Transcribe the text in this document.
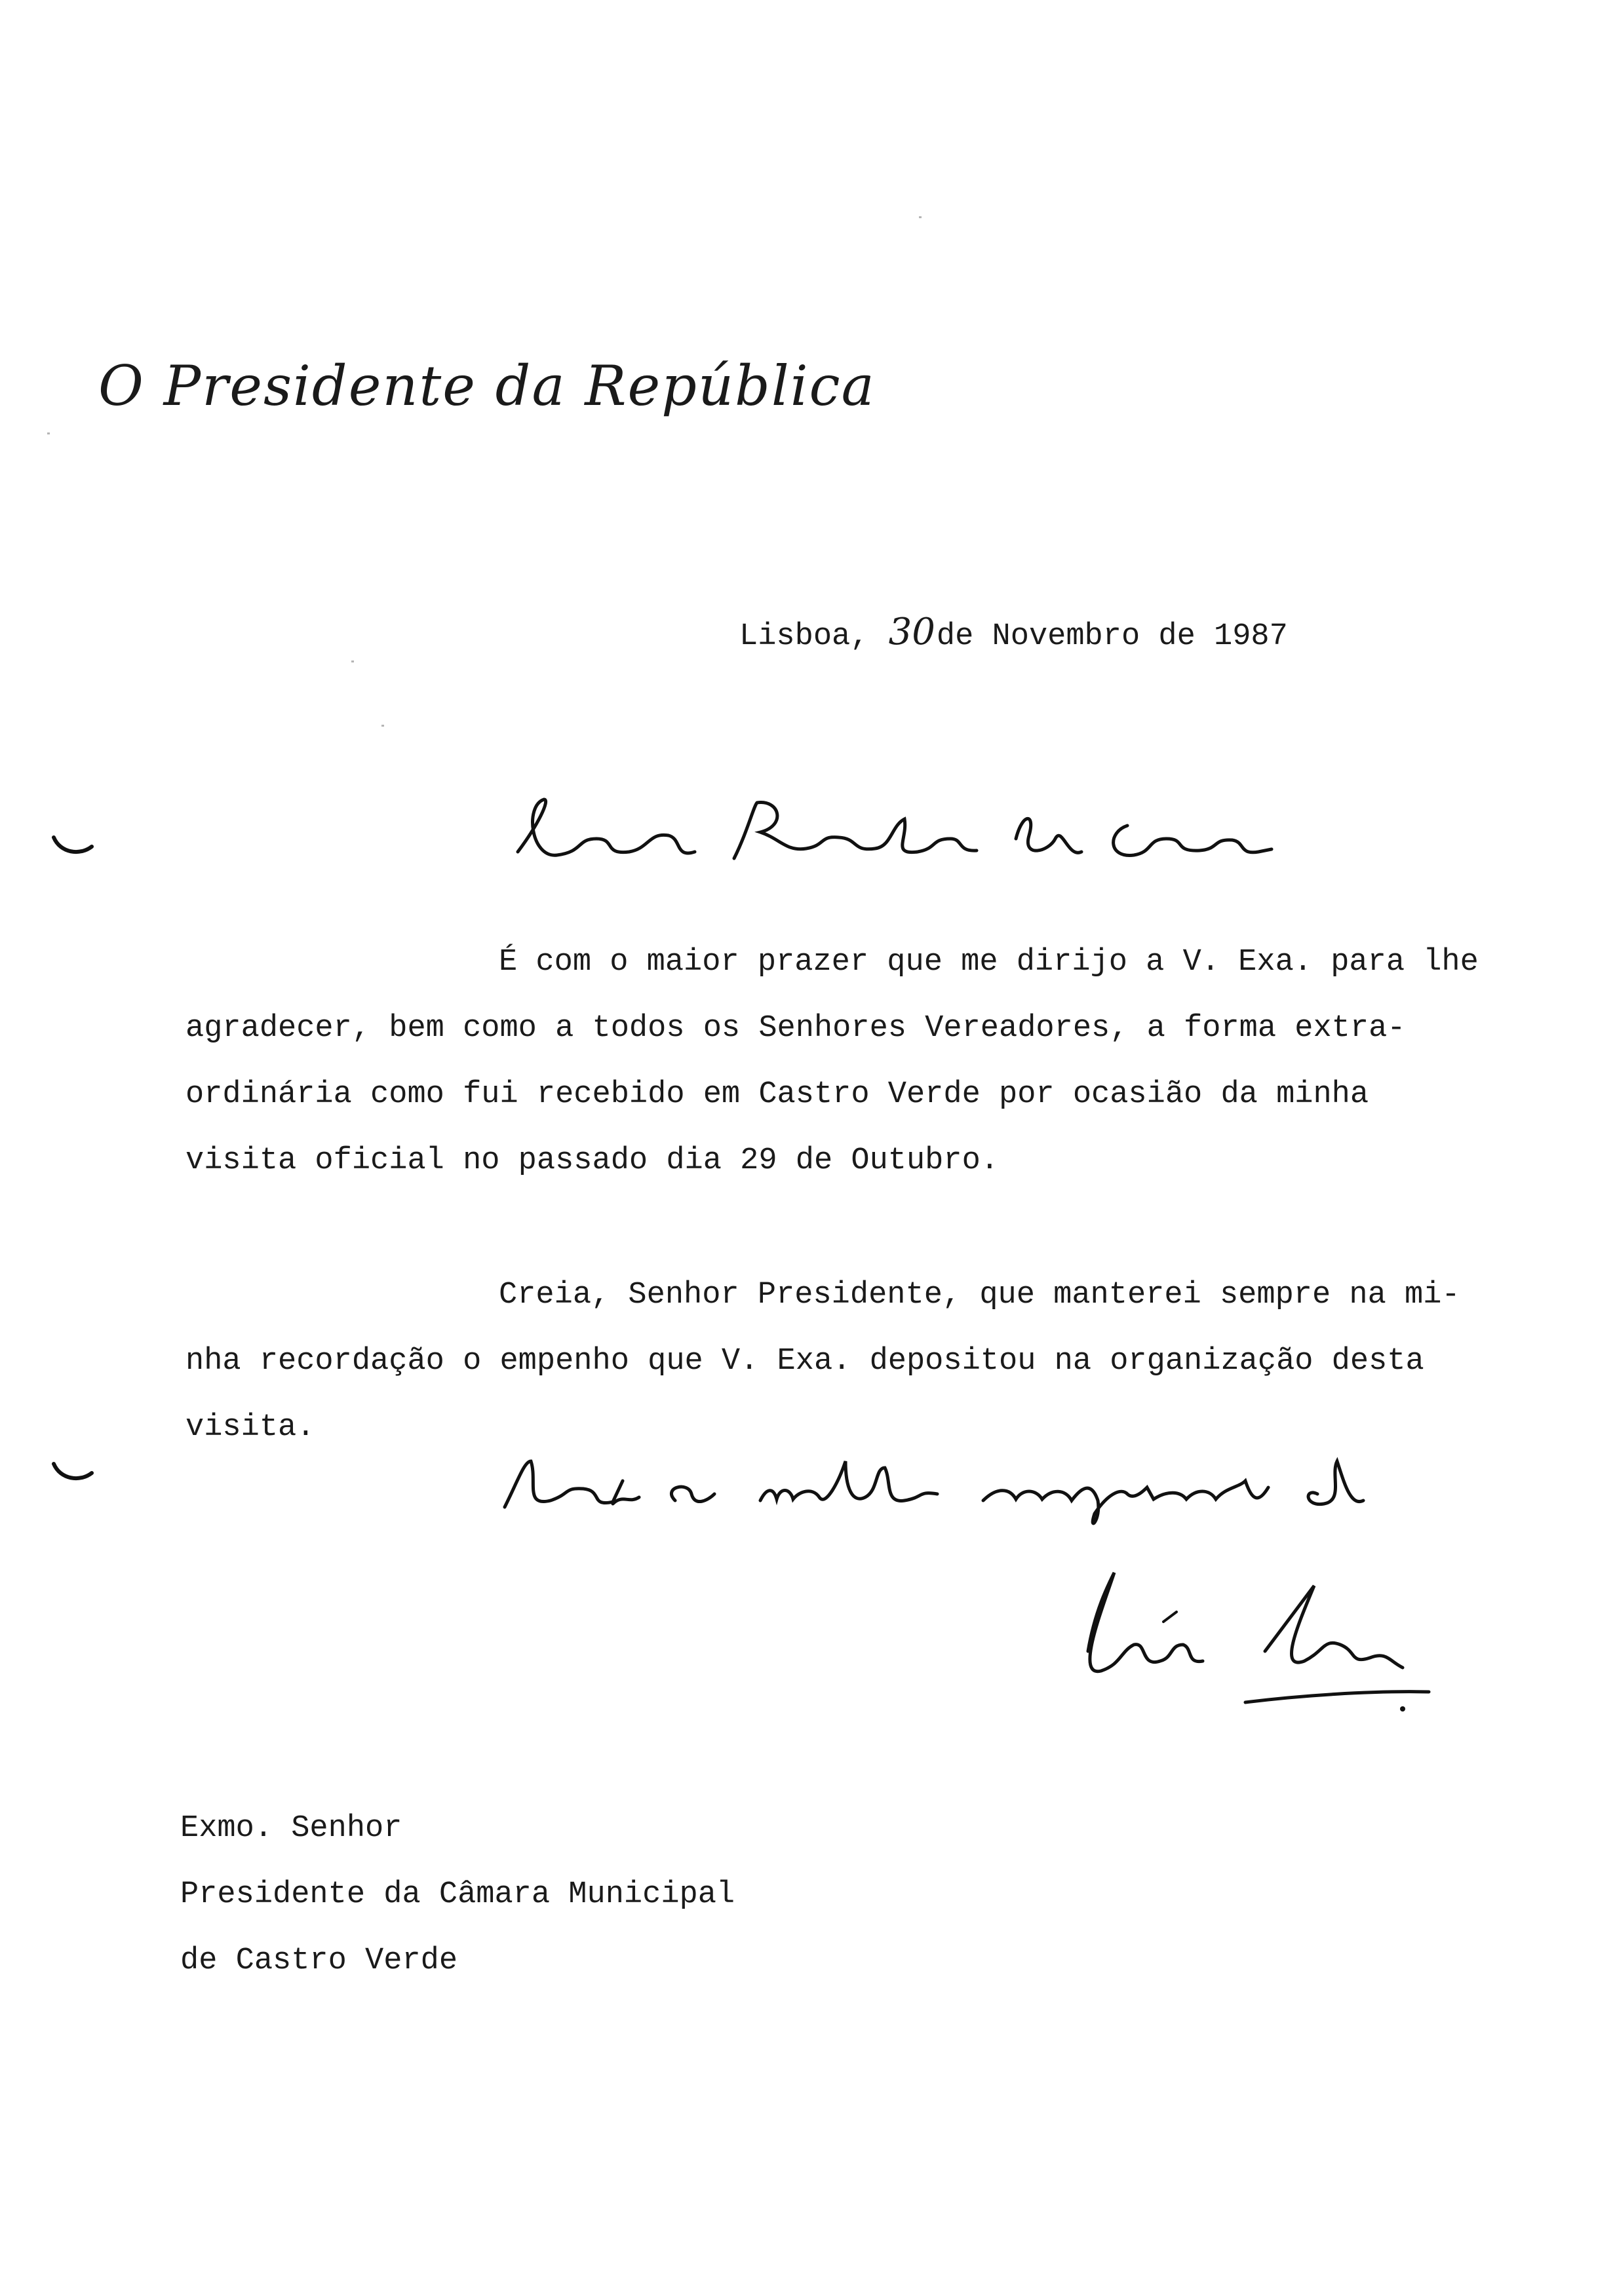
O Presidente da República
Lisboa, 30de Novembro de 1987
Senhor Presidente da Câmara
É com o maior prazer que me dirijo a V. Exa. para lhe
agradecer, bem como a todos os Senhores Vereadores, a forma extra-
ordinária como fui recebido em Castro Verde por ocasião da minha
visita oficial no passado dia 29 de Outubro.
Creia, Senhor Presidente, que manterei sempre na mi-
nha recordação o empenho que V. Exa. depositou na organização desta
visita.	Aceite os melhores cumprimentos de
Mário Soares
Exmo. Senhor
Presidente da Câmara Municipal
de Castro Verde
